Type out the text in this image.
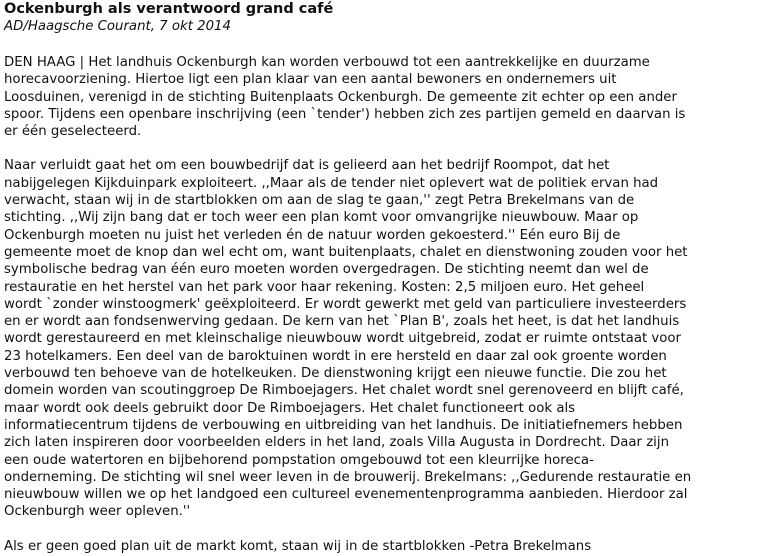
Ockenburgh als verantwoord grand café
AD/Haagsche Courant, 7 okt 2014
DEN HAAG | Het landhuis Ockenburgh kan worden verbouwd tot een aantrekkelijke en duurzame
horecavoorziening. Hiertoe ligt een plan klaar van een aantal bewoners en ondernemers uit
Loosduinen, verenigd in de stichting Buitenplaats Ockenburgh. De gemeente zit echter op een ander
spoor. Tijdens een openbare inschrijving (een `tender') hebben zich zes partijen gemeld en daarvan is
er één geselecteerd.
Naar verluidt gaat het om een bouwbedrijf dat is gelieerd aan het bedrijf Roompot, dat het
nabijgelegen Kijkduinpark exploiteert. ,,Maar als de tender niet oplevert wat de politiek ervan had
verwacht, staan wij in de startblokken om aan de slag te gaan,'' zegt Petra Brekelmans van de
stichting. ,,Wij zijn bang dat er toch weer een plan komt voor omvangrijke nieuwbouw. Maar op
Ockenburgh moeten nu juist het verleden én de natuur worden gekoesterd.'' Eén euro Bij de
gemeente moet de knop dan wel echt om, want buitenplaats, chalet en dienstwoning zouden voor het
symbolische bedrag van één euro moeten worden overgedragen. De stichting neemt dan wel de
restauratie en het herstel van het park voor haar rekening. Kosten: 2,5 miljoen euro. Het geheel
wordt `zonder winstoogmerk' geëxploiteerd. Er wordt gewerkt met geld van particuliere investeerders
en er wordt aan fondsenwerving gedaan. De kern van het `Plan B', zoals het heet, is dat het landhuis
wordt gerestaureerd en met kleinschalige nieuwbouw wordt uitgebreid, zodat er ruimte ontstaat voor
23 hotelkamers. Een deel van de baroktuinen wordt in ere hersteld en daar zal ook groente worden
verbouwd ten behoeve van de hotelkeuken. De dienstwoning krijgt een nieuwe functie. Die zou het
domein worden van scoutinggroep De Rimboejagers. Het chalet wordt snel gerenoveerd en blijft café,
maar wordt ook deels gebruikt door De Rimboejagers. Het chalet functioneert ook als
informatiecentrum tijdens de verbouwing en uitbreiding van het landhuis. De initiatiefnemers hebben
zich laten inspireren door voorbeelden elders in het land, zoals Villa Augusta in Dordrecht. Daar zijn
een oude watertoren en bijbehorend pompstation omgebouwd tot een kleurrijke horeca-
onderneming. De stichting wil snel weer leven in de brouwerij. Brekelmans: ,,Gedurende restauratie en
nieuwbouw willen we op het landgoed een cultureel evenementenprogramma aanbieden. Hierdoor zal
Ockenburgh weer opleven.''
Als er geen goed plan uit de markt komt, staan wij in de startblokken -Petra Brekelmans
